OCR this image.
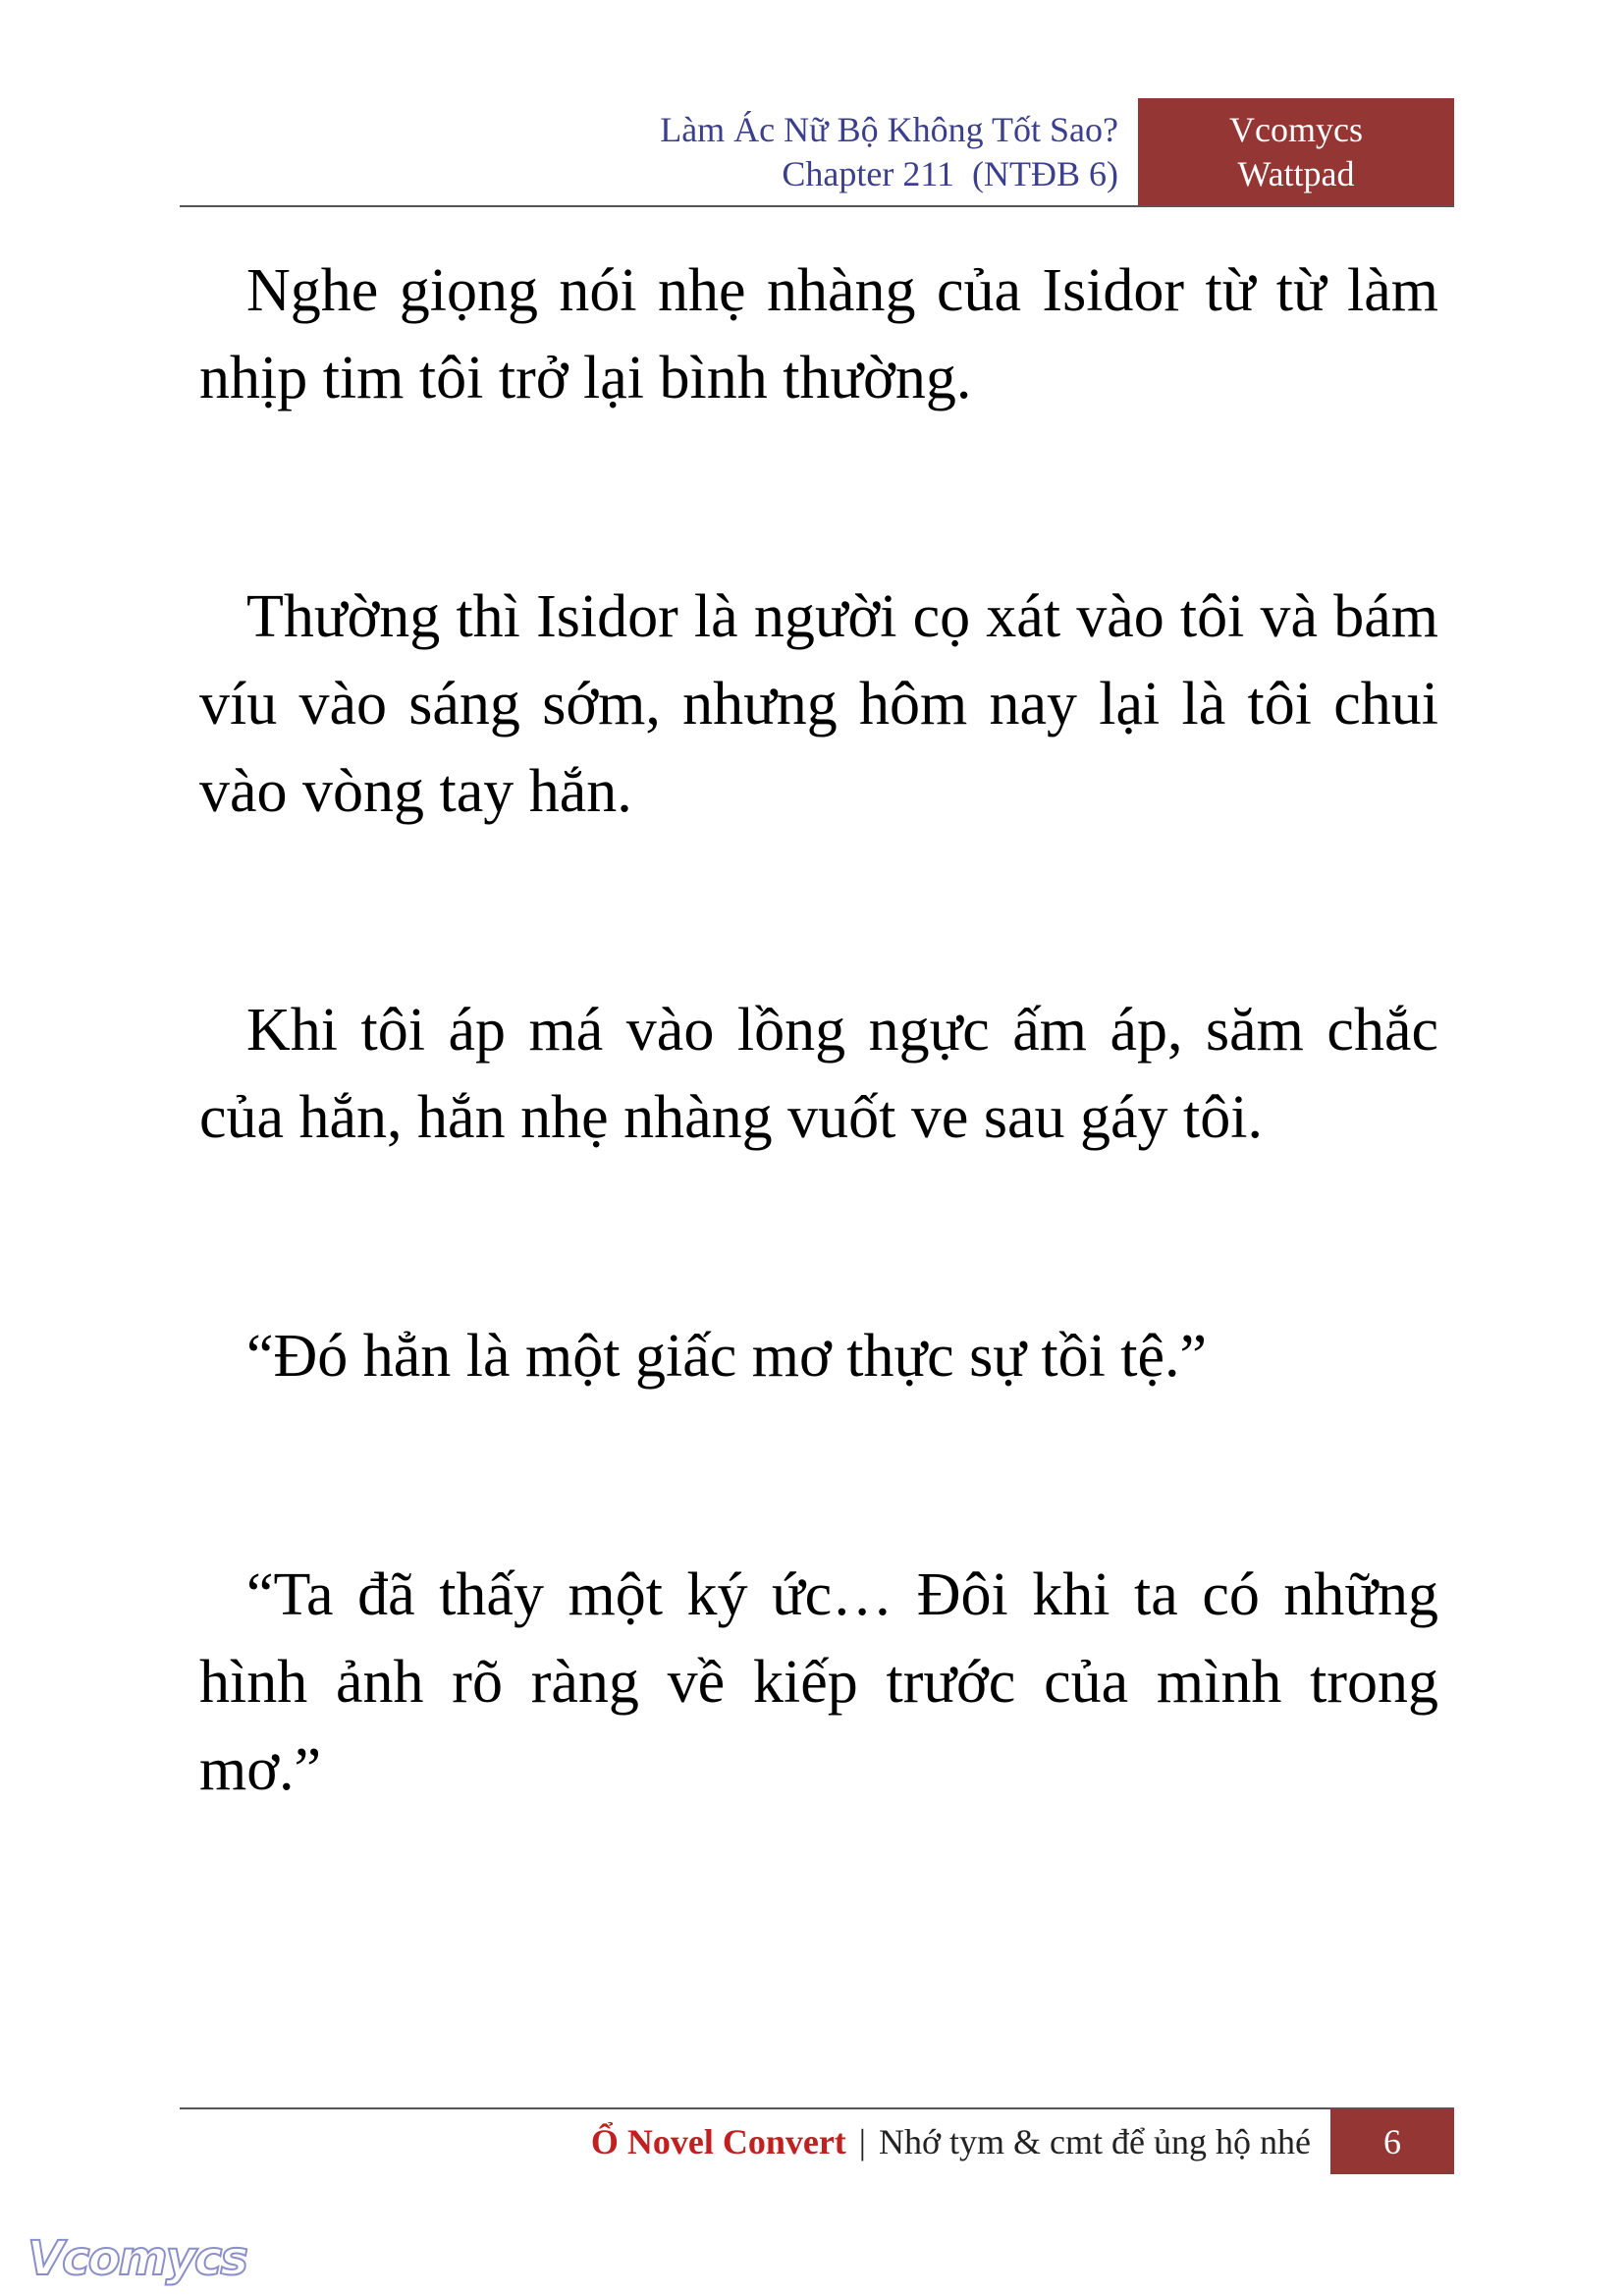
Làm Ác Nữ Bộ Không Tốt Sao?
Chapter 211  (NTĐB 6)
Vcomycs
Wattpad

Nghe giọng nói nhẹ nhàng của Isidor từ từ làm nhịp tim tôi trở lại bình thường.

Thường thì Isidor là người cọ xát vào tôi và bám víu vào sáng sớm, nhưng hôm nay lại là tôi chui vào vòng tay hắn.

Khi tôi áp má vào lồng ngực ấm áp, săm chắc của hắn, hắn nhẹ nhàng vuốt ve sau gáy tôi.

“Đó hẳn là một giấc mơ thực sự tồi tệ.”

“Ta đã thấy một ký ức… Đôi khi ta có những hình ảnh rõ ràng về kiếp trước của mình trong mơ.”

Ổ Novel Convert | Nhớ tym & cmt để ủng hộ nhé	6
Vcomycs
